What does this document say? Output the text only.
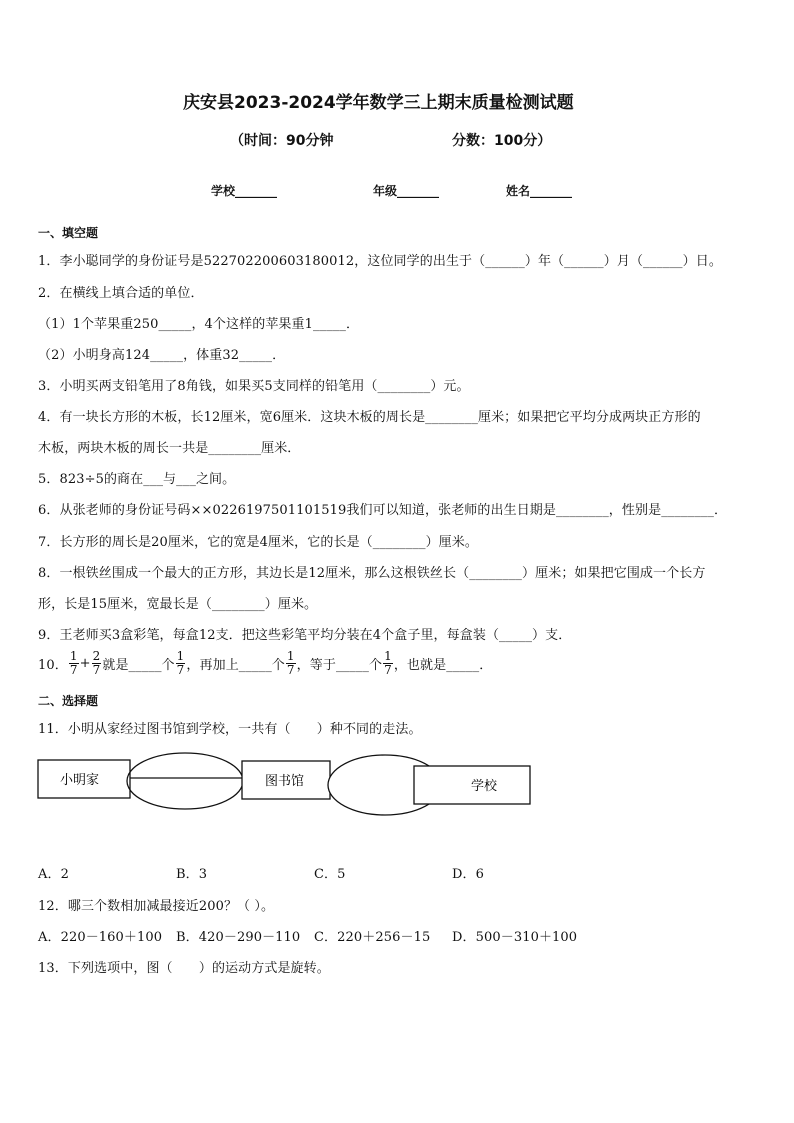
庆安县2023-2024学年数学三上期末质量检测试题
（时间：90分钟	分数：100分）
学校_______	年级_______	姓名_______
一、填空题
1．李小聪同学的身份证号是522702200603180012，这位同学的出生于（______）年（______）月（______）日。
2．在横线上填合适的单位．
（1）1个苹果重250_____，4个这样的苹果重1_____．
（2）小明身高124_____，体重32_____．
3．小明买两支铅笔用了8角钱，如果买5支同样的铅笔用（________）元。
4．有一块长方形的木板，长12厘米，宽6厘米．这块木板的周长是________厘米；如果把它平均分成两块正方形的
木板，两块木板的周长一共是________厘米．
5．823÷5的商在___与___之间。
6．从张老师的身份证号码××0226197501101519我们可以知道，张老师的出生日期是________，性别是________．
7．长方形的周长是20厘米，它的宽是4厘米，它的长是（________）厘米。
8．一根铁丝围成一个最大的正方形，其边长是12厘米，那么这根铁丝长（________）厘米；如果把它围成一个长方
形，长是15厘米，宽最长是（________）厘米。
9．王老师买3盒彩笔，每盒12支．把这些彩笔平均分装在4个盒子里，每盒装（_____）支．
10． $\frac{1}{7} + \frac{2}{7}$ 就是_____个 $\frac{1}{7}$ ，再加上_____个 $\frac{1}{7}$ ，等于_____个 $\frac{1}{7}$ ，也就是_____．
二、选择题
11．小明从家经过图书馆到学校，一共有（　　）种不同的走法。
小明家	图书馆	学校
A．2	B．3	C．5	D．6
12．哪三个数相加减最接近200？（ ）。
A．220－160＋100 B．420－290－110 C．220＋256－15 D．500－310＋100
13．下列选项中，图（　　）的运动方式是旋转。
